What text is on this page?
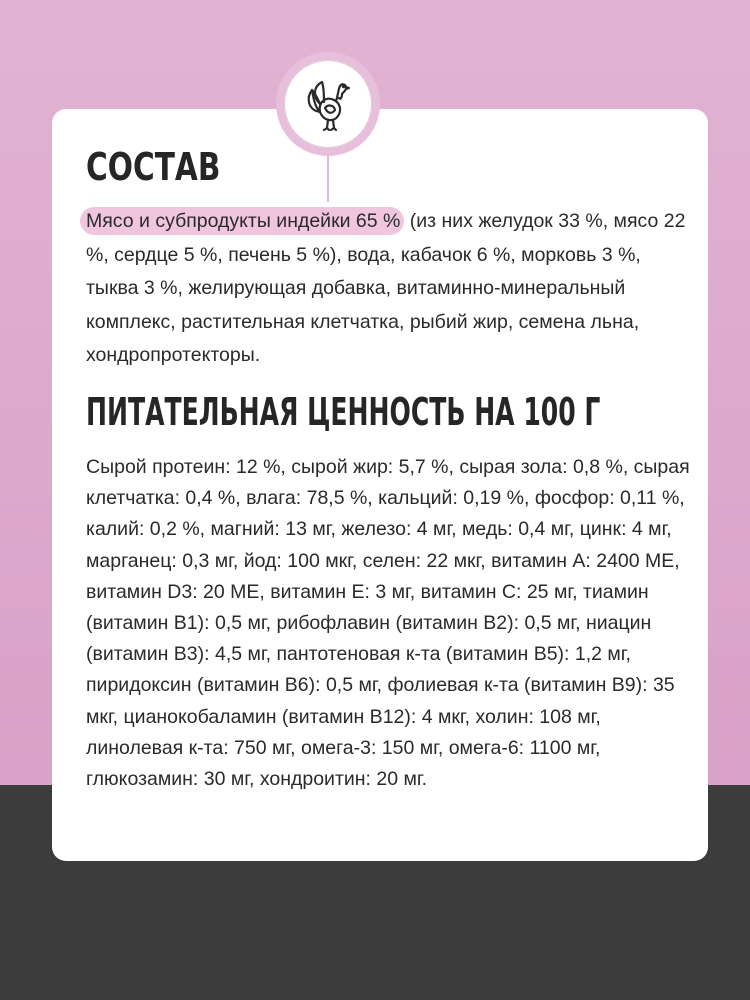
СОСТАВ

Мясо и субпродукты индейки 65 % (из них желудок 33 %, мясо 22 %, сердце 5 %, печень 5 %), вода, кабачок 6 %, морковь 3 %, тыква 3 %, желирующая добавка, витаминно-минеральный комплекс, растительная клетчатка, рыбий жир, семена льна, хондропротекторы.

ПИТАТЕЛЬНАЯ ЦЕННОСТЬ НА 100 Г

Сырой протеин: 12 %, сырой жир: 5,7 %, сырая зола: 0,8 %, сырая клетчатка: 0,4 %, влага: 78,5 %, кальций: 0,19 %, фосфор: 0,11 %, калий: 0,2 %, магний: 13 мг, железо: 4 мг, медь: 0,4 мг, цинк: 4 мг, марганец: 0,3 мг, йод: 100 мкг, селен: 22 мкг, витамин А: 2400 МЕ, витамин D3: 20 МЕ, витамин Е: 3 мг, витамин С: 25 мг, тиамин (витамин В1): 0,5 мг, рибофлавин (витамин В2): 0,5 мг, ниацин (витамин В3): 4,5 мг, пантотеновая к-та (витамин В5): 1,2 мг, пиридоксин (витамин В6): 0,5 мг, фолиевая к-та (витамин В9): 35 мкг, цианокобаламин (витамин В12): 4 мкг, холин: 108 мг, линолевая к-та: 750 мг, омега-3: 150 мг, омега-6: 1100 мг, глюкозамин: 30 мг, хондроитин: 20 мг.
